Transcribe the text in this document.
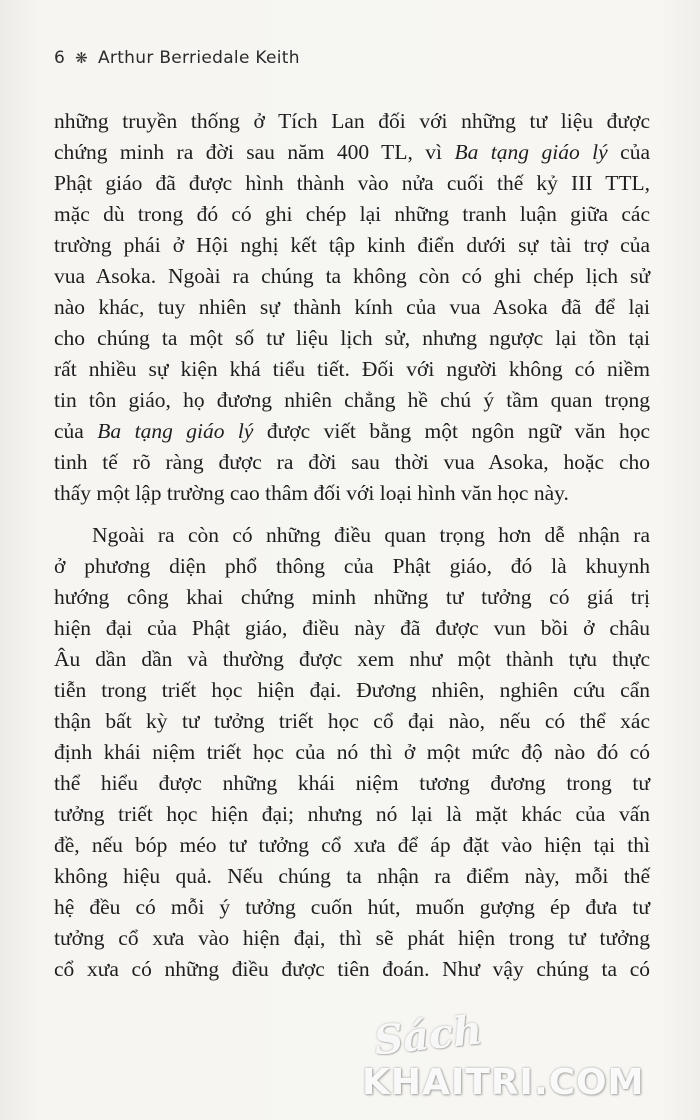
6 ❋ Arthur Berriedale Keith
những truyền thống ở Tích Lan đối với những tư liệu được
chứng minh ra đời sau năm 400 TL, vì Ba tạng giáo lý của
Phật giáo đã được hình thành vào nửa cuối thế kỷ III TTL,
mặc dù trong đó có ghi chép lại những tranh luận giữa các
trường phái ở Hội nghị kết tập kinh điển dưới sự tài trợ của
vua Asoka. Ngoài ra chúng ta không còn có ghi chép lịch sử
nào khác, tuy nhiên sự thành kính của vua Asoka đã để lại
cho chúng ta một số tư liệu lịch sử, nhưng ngược lại tồn tại
rất nhiều sự kiện khá tiểu tiết. Đối với người không có niềm
tin tôn giáo, họ đương nhiên chẳng hề chú ý tầm quan trọng
của Ba tạng giáo lý được viết bằng một ngôn ngữ văn học
tinh tế rõ ràng được ra đời sau thời vua Asoka, hoặc cho
thấy một lập trường cao thâm đối với loại hình văn học này.
Ngoài ra còn có những điều quan trọng hơn dễ nhận ra
ở phương diện phổ thông của Phật giáo, đó là khuynh
hướng công khai chứng minh những tư tưởng có giá trị
hiện đại của Phật giáo, điều này đã được vun bồi ở châu
Âu dần dần và thường được xem như một thành tựu thực
tiễn trong triết học hiện đại. Đương nhiên, nghiên cứu cẩn
thận bất kỳ tư tưởng triết học cổ đại nào, nếu có thể xác
định khái niệm triết học của nó thì ở một mức độ nào đó có
thể hiểu được những khái niệm tương đương trong tư
tưởng triết học hiện đại; nhưng nó lại là mặt khác của vấn
đề, nếu bóp méo tư tưởng cổ xưa để áp đặt vào hiện tại thì
không hiệu quả. Nếu chúng ta nhận ra điểm này, mỗi thế
hệ đều có mỗi ý tưởng cuốn hút, muốn gượng ép đưa tư
tưởng cổ xưa vào hiện đại, thì sẽ phát hiện trong tư tưởng
cổ xưa có những điều được tiên đoán. Như vậy chúng ta có
Sách
KHAITRI.COM
